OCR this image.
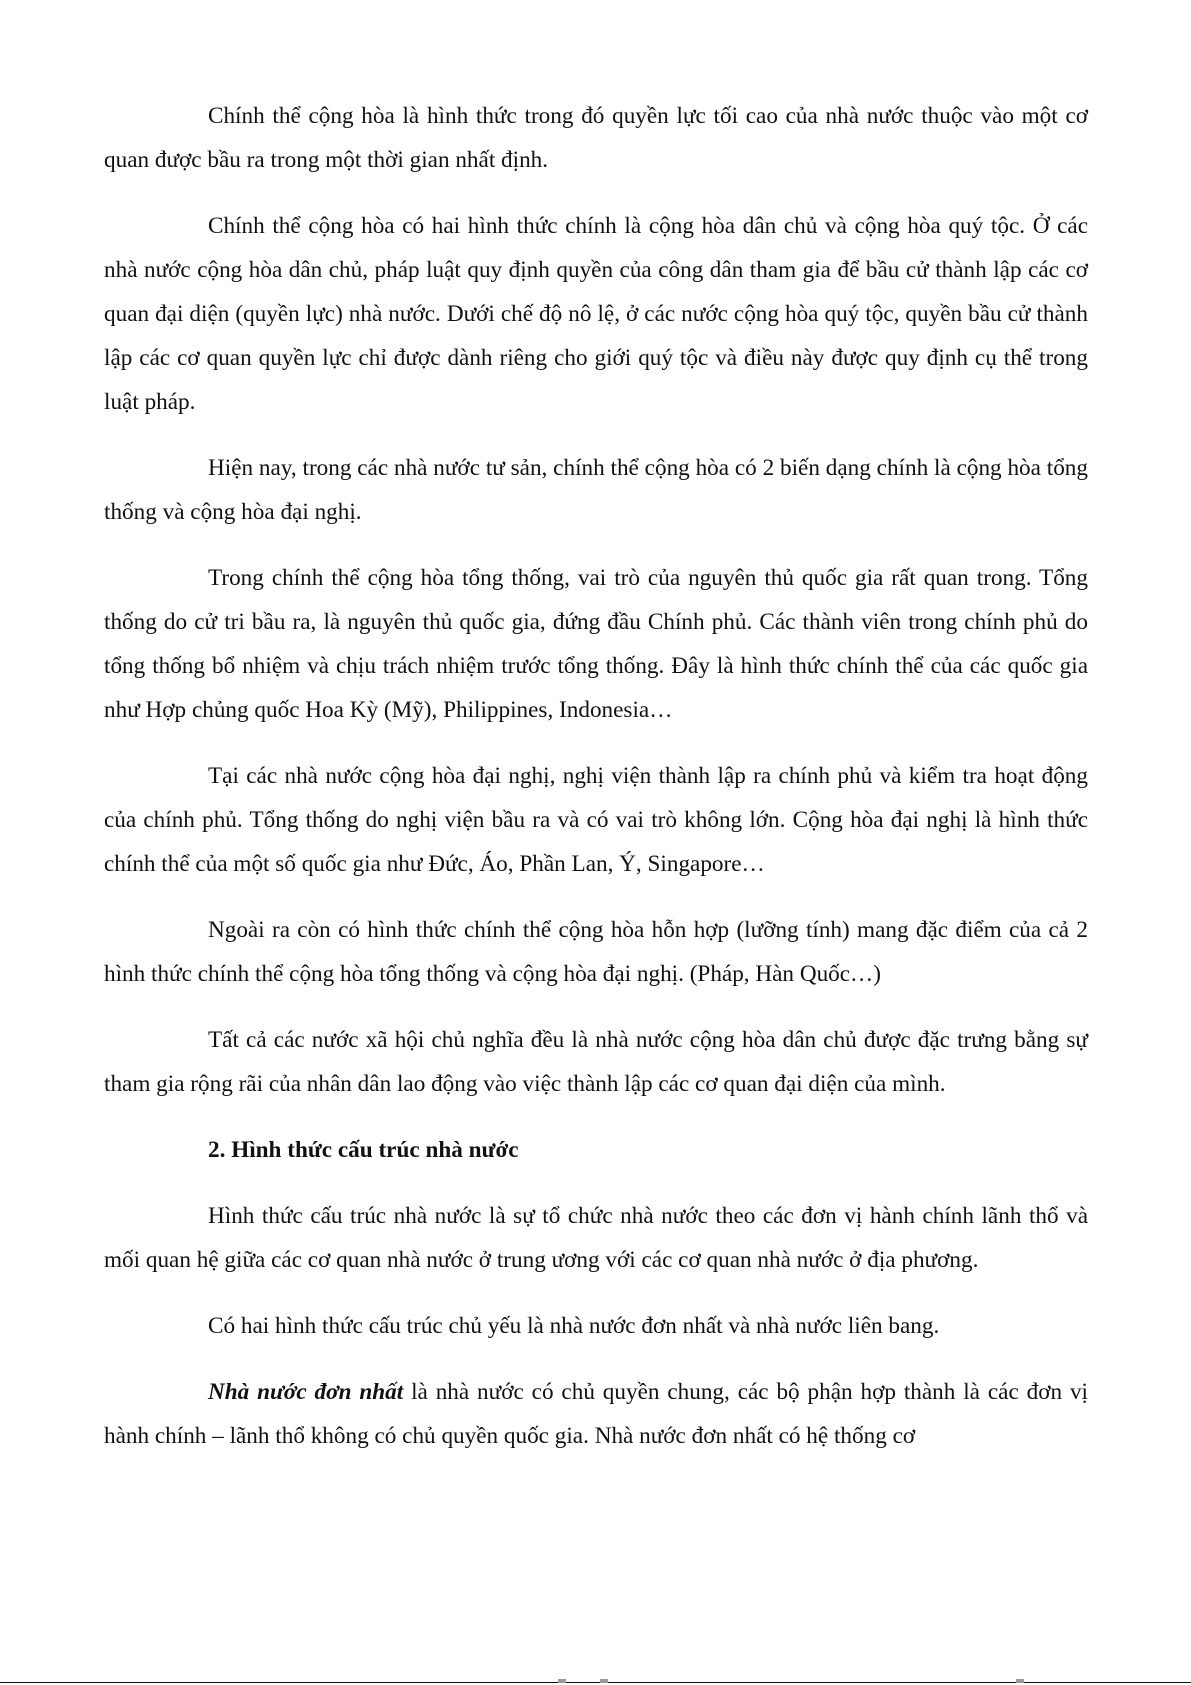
Chính thể cộng hòa là hình thức trong đó quyền lực tối cao của nhà nước thuộc vào một cơ quan được bầu ra trong một thời gian nhất định.

Chính thể cộng hòa có hai hình thức chính là cộng hòa dân chủ và cộng hòa quý tộc. Ở các nhà nước cộng hòa dân chủ, pháp luật quy định quyền của công dân tham gia để bầu cử thành lập các cơ quan đại diện (quyền lực) nhà nước. Dưới chế độ nô lệ, ở các nước cộng hòa quý tộc, quyền bầu cử thành lập các cơ quan quyền lực chỉ được dành riêng cho giới quý tộc và điều này được quy định cụ thể trong luật pháp.

Hiện nay, trong các nhà nước tư sản, chính thể cộng hòa có 2 biến dạng chính là cộng hòa tổng thống và cộng hòa đại nghị.

Trong chính thể cộng hòa tổng thống, vai trò của nguyên thủ quốc gia rất quan trong. Tổng thống do cử tri bầu ra, là nguyên thủ quốc gia, đứng đầu Chính phủ. Các thành viên trong chính phủ do tổng thống bổ nhiệm và chịu trách nhiệm trước tổng thống. Đây là hình thức chính thể của các quốc gia như Hợp chủng quốc Hoa Kỳ (Mỹ), Philippines, Indonesia…

Tại các nhà nước cộng hòa đại nghị, nghị viện thành lập ra chính phủ và kiểm tra hoạt động của chính phủ. Tổng thống do nghị viện bầu ra và có vai trò không lớn. Cộng hòa đại nghị là hình thức chính thể của một số quốc gia như Đức, Áo, Phần Lan, Ý, Singapore…

Ngoài ra còn có hình thức chính thể cộng hòa hỗn hợp (lưỡng tính) mang đặc điểm của cả 2 hình thức chính thể cộng hòa tổng thống và cộng hòa đại nghị. (Pháp, Hàn Quốc…)

Tất cả các nước xã hội chủ nghĩa đều là nhà nước cộng hòa dân chủ được đặc trưng bằng sự tham gia rộng rãi của nhân dân lao động vào việc thành lập các cơ quan đại diện của mình.

2. Hình thức cấu trúc nhà nước

Hình thức cấu trúc nhà nước là sự tổ chức nhà nước theo các đơn vị hành chính lãnh thổ và mối quan hệ giữa các cơ quan nhà nước ở trung ương với các cơ quan nhà nước ở địa phương.

Có hai hình thức cấu trúc chủ yếu là nhà nước đơn nhất và nhà nước liên bang.

Nhà nước đơn nhất là nhà nước có chủ quyền chung, các bộ phận hợp thành là các đơn vị hành chính – lãnh thổ không có chủ quyền quốc gia. Nhà nước đơn nhất có hệ thống cơ
